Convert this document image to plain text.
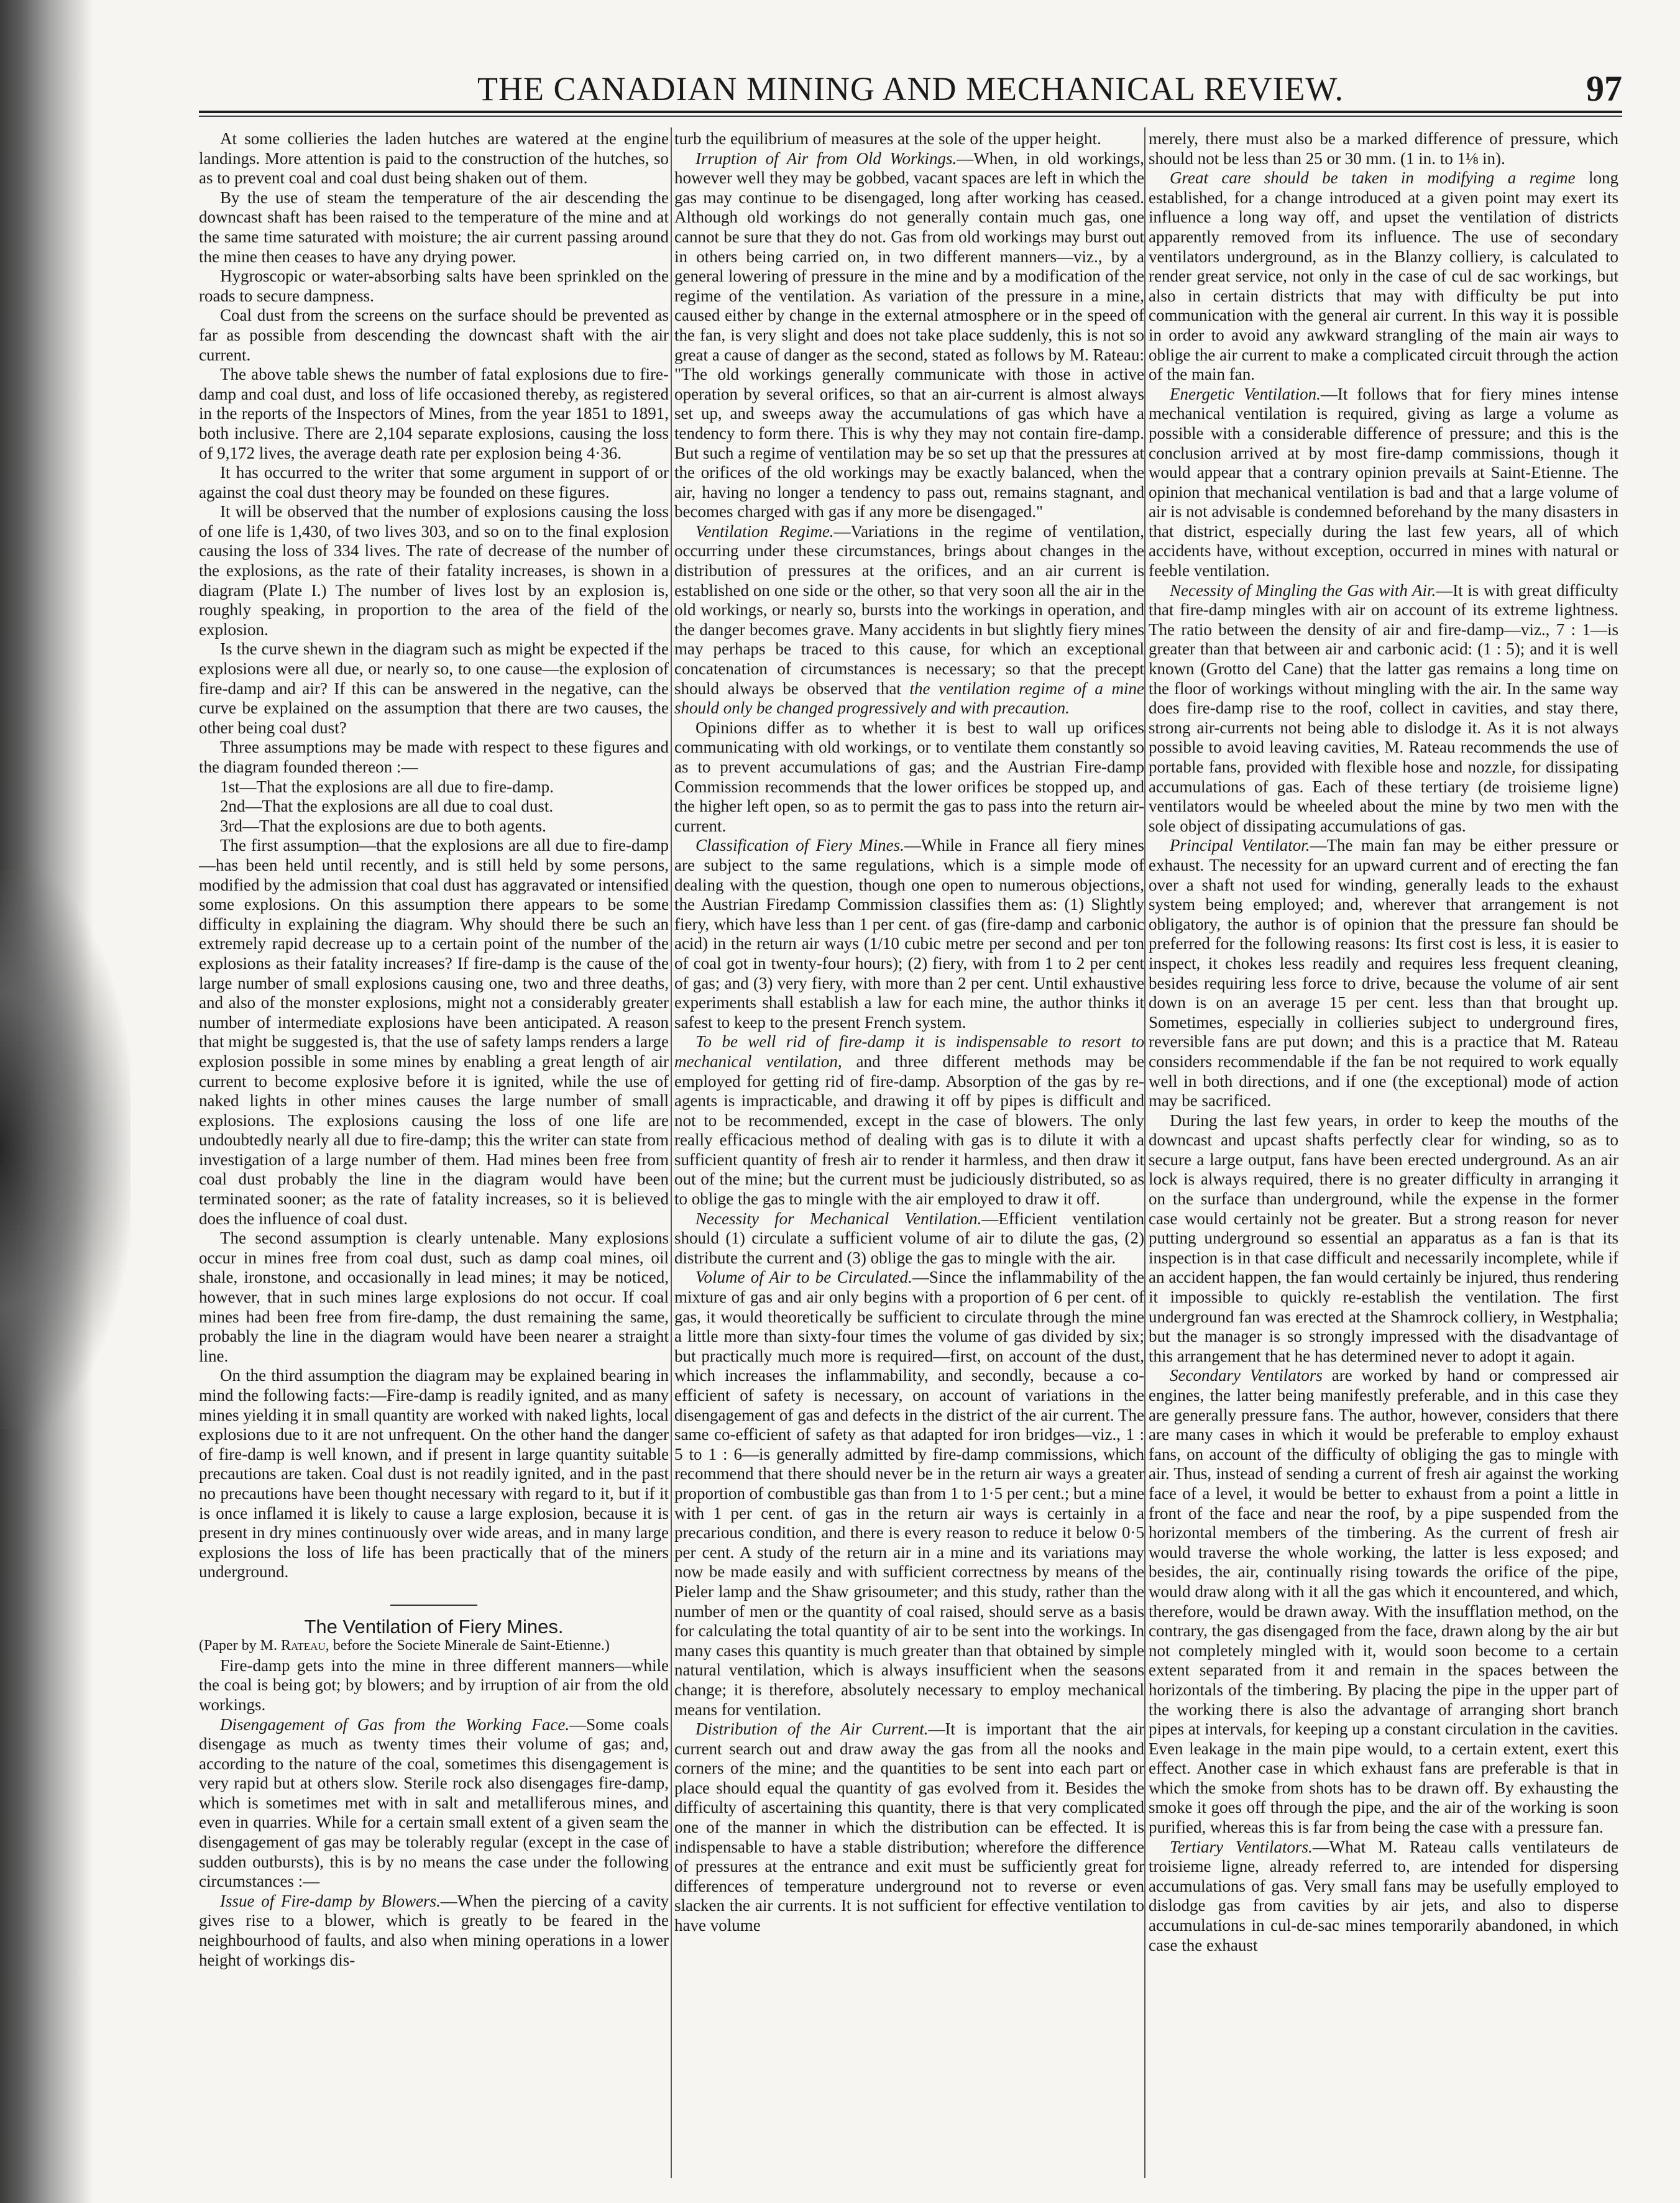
THE CANADIAN MINING AND MECHANICAL REVIEW.	97

At some collieries the laden hutches are watered at the engine landings. More attention is paid to the construction of the hutches, so as to prevent coal and coal dust being shaken out of them.

By the use of steam the temperature of the air descending the downcast shaft has been raised to the temperature of the mine and at the same time saturated with moisture; the air current passing around the mine then ceases to have any drying power.

Hygroscopic or water-absorbing salts have been sprinkled on the roads to secure dampness.

Coal dust from the screens on the surface should be prevented as far as possible from descending the downcast shaft with the air current.

The above table shews the number of fatal explosions due to fire-damp and coal dust, and loss of life occasioned thereby, as registered in the reports of the Inspectors of Mines, from the year 1851 to 1891, both inclusive. There are 2,104 separate explosions, causing the loss of 9,172 lives, the average death rate per explosion being 4·36.

It has occurred to the writer that some argument in support of or against the coal dust theory may be founded on these figures.

It will be observed that the number of explosions causing the loss of one life is 1,430, of two lives 303, and so on to the final explosion causing the loss of 334 lives. The rate of decrease of the number of the explosions, as the rate of their fatality increases, is shown in a diagram (Plate I.) The number of lives lost by an explosion is, roughly speaking, in proportion to the area of the field of the explosion.

Is the curve shewn in the diagram such as might be expected if the explosions were all due, or nearly so, to one cause—the explosion of fire-damp and air? If this can be answered in the negative, can the curve be explained on the assumption that there are two causes, the other being coal dust?

Three assumptions may be made with respect to these figures and the diagram founded thereon :—

1st—That the explosions are all due to fire-damp.

2nd—That the explosions are all due to coal dust.

3rd—That the explosions are due to both agents.

The first assumption—that the explosions are all due to fire-damp—has been held until recently, and is still held by some persons, modified by the admission that coal dust has aggravated or intensified some explosions. On this assumption there appears to be some difficulty in explaining the diagram. Why should there be such an extremely rapid decrease up to a certain point of the number of the explosions as their fatality increases? If fire-damp is the cause of the large number of small explosions causing one, two and three deaths, and also of the monster explosions, might not a considerably greater number of intermediate explosions have been anticipated. A reason that might be suggested is, that the use of safety lamps renders a large explosion possible in some mines by enabling a great length of air current to become explosive before it is ignited, while the use of naked lights in other mines causes the large number of small explosions. The explosions causing the loss of one life are undoubtedly nearly all due to fire-damp; this the writer can state from investigation of a large number of them. Had mines been free from coal dust probably the line in the diagram would have been terminated sooner; as the rate of fatality increases, so it is believed does the influence of coal dust.

The second assumption is clearly untenable. Many explosions occur in mines free from coal dust, such as damp coal mines, oil shale, ironstone, and occasionally in lead mines; it may be noticed, however, that in such mines large explosions do not occur. If coal mines had been free from fire-damp, the dust remaining the same, probably the line in the diagram would have been nearer a straight line.

On the third assumption the diagram may be explained bearing in mind the following facts:—Fire-damp is readily ignited, and as many mines yielding it in small quantity are worked with naked lights, local explosions due to it are not unfrequent. On the other hand the danger of fire-damp is well known, and if present in large quantity suitable precautions are taken. Coal dust is not readily ignited, and in the past no precautions have been thought necessary with regard to it, but if it is once inflamed it is likely to cause a large explosion, because it is present in dry mines continuously over wide areas, and in many large explosions the loss of life has been practically that of the miners underground.

The Ventilation of Fiery Mines.

(Paper by M. Rateau, before the Societe Minerale de Saint-Etienne.)

Fire-damp gets into the mine in three different manners—while the coal is being got; by blowers; and by irruption of air from the old workings.

Disengagement of Gas from the Working Face.—Some coals disengage as much as twenty times their volume of gas; and, according to the nature of the coal, sometimes this disengagement is very rapid but at others slow. Sterile rock also disengages fire-damp, which is sometimes met with in salt and metalliferous mines, and even in quarries. While for a certain small extent of a given seam the disengagement of gas may be tolerably regular (except in the case of sudden outbursts), this is by no means the case under the following circumstances :—

Issue of Fire-damp by Blowers.—When the piercing of a cavity gives rise to a blower, which is greatly to be feared in the neighbourhood of faults, and also when mining operations in a lower height of workings dis-

turb the equilibrium of measures at the sole of the upper height.

Irruption of Air from Old Workings.—When, in old workings, however well they may be gobbed, vacant spaces are left in which the gas may continue to be disengaged, long after working has ceased. Although old workings do not generally contain much gas, one cannot be sure that they do not. Gas from old workings may burst out in others being carried on, in two different manners—viz., by a general lowering of pressure in the mine and by a modification of the regime of the ventilation. As variation of the pressure in a mine, caused either by change in the external atmosphere or in the speed of the fan, is very slight and does not take place suddenly, this is not so great a cause of danger as the second, stated as follows by M. Rateau: "The old workings generally communicate with those in active operation by several orifices, so that an air-current is almost always set up, and sweeps away the accumulations of gas which have a tendency to form there. This is why they may not contain fire-damp. But such a regime of ventilation may be so set up that the pressures at the orifices of the old workings may be exactly balanced, when the air, having no longer a tendency to pass out, remains stagnant, and becomes charged with gas if any more be disengaged."

Ventilation Regime.—Variations in the regime of ventilation, occurring under these circumstances, brings about changes in the distribution of pressures at the orifices, and an air current is established on one side or the other, so that very soon all the air in the old workings, or nearly so, bursts into the workings in operation, and the danger becomes grave. Many accidents in but slightly fiery mines may perhaps be traced to this cause, for which an exceptional concatenation of circumstances is necessary; so that the precept should always be observed that the ventilation regime of a mine should only be changed progressively and with precaution.

Opinions differ as to whether it is best to wall up orifices communicating with old workings, or to ventilate them constantly so as to prevent accumulations of gas; and the Austrian Fire-damp Commission recommends that the lower orifices be stopped up, and the higher left open, so as to permit the gas to pass into the return air-current.

Classification of Fiery Mines.—While in France all fiery mines are subject to the same regulations, which is a simple mode of dealing with the question, though one open to numerous objections, the Austrian Firedamp Commission classifies them as: (1) Slightly fiery, which have less than 1 per cent. of gas (fire-damp and carbonic acid) in the return air ways (1/10 cubic metre per second and per ton of coal got in twenty-four hours); (2) fiery, with from 1 to 2 per cent of gas; and (3) very fiery, with more than 2 per cent. Until exhaustive experiments shall establish a law for each mine, the author thinks it safest to keep to the present French system.

To be well rid of fire-damp it is indispensable to resort to mechanical ventilation, and three different methods may be employed for getting rid of fire-damp. Absorption of the gas by re-agents is impracticable, and drawing it off by pipes is difficult and not to be recommended, except in the case of blowers. The only really efficacious method of dealing with gas is to dilute it with a sufficient quantity of fresh air to render it harmless, and then draw it out of the mine; but the current must be judiciously distributed, so as to oblige the gas to mingle with the air employed to draw it off.

Necessity for Mechanical Ventilation.—Efficient ventilation should (1) circulate a sufficient volume of air to dilute the gas, (2) distribute the current and (3) oblige the gas to mingle with the air.

Volume of Air to be Circulated.—Since the inflammability of the mixture of gas and air only begins with a proportion of 6 per cent. of gas, it would theoretically be sufficient to circulate through the mine a little more than sixty-four times the volume of gas divided by six; but practically much more is required—first, on account of the dust, which increases the inflammability, and secondly, because a co-efficient of safety is necessary, on account of variations in the disengagement of gas and defects in the district of the air current. The same co-efficient of safety as that adapted for iron bridges—viz., 1 : 5 to 1 : 6—is generally admitted by fire-damp commissions, which recommend that there should never be in the return air ways a greater proportion of combustible gas than from 1 to 1·5 per cent.; but a mine with 1 per cent. of gas in the return air ways is certainly in a precarious condition, and there is every reason to reduce it below 0·5 per cent. A study of the return air in a mine and its variations may now be made easily and with sufficient correctness by means of the Pieler lamp and the Shaw grisoumeter; and this study, rather than the number of men or the quantity of coal raised, should serve as a basis for calculating the total quantity of air to be sent into the workings. In many cases this quantity is much greater than that obtained by simple natural ventilation, which is always insufficient when the seasons change; it is therefore, absolutely necessary to employ mechanical means for ventilation.

Distribution of the Air Current.—It is important that the air current search out and draw away the gas from all the nooks and corners of the mine; and the quantities to be sent into each part or place should equal the quantity of gas evolved from it. Besides the difficulty of ascertaining this quantity, there is that very complicated one of the manner in which the distribution can be effected. It is indispensable to have a stable distribution; wherefore the difference of pressures at the entrance and exit must be sufficiently great for differences of temperature underground not to reverse or even slacken the air currents. It is not sufficient for effective ventilation to have volume

merely, there must also be a marked difference of pressure, which should not be less than 25 or 30 mm. (1 in. to 1⅛ in).

Great care should be taken in modifying a regime long established, for a change introduced at a given point may exert its influence a long way off, and upset the ventilation of districts apparently removed from its influence. The use of secondary ventilators underground, as in the Blanzy colliery, is calculated to render great service, not only in the case of cul de sac workings, but also in certain districts that may with difficulty be put into communication with the general air current. In this way it is possible in order to avoid any awkward strangling of the main air ways to oblige the air current to make a complicated circuit through the action of the main fan.

Energetic Ventilation.—It follows that for fiery mines intense mechanical ventilation is required, giving as large a volume as possible with a considerable difference of pressure; and this is the conclusion arrived at by most fire-damp commissions, though it would appear that a contrary opinion prevails at Saint-Etienne. The opinion that mechanical ventilation is bad and that a large volume of air is not advisable is condemned beforehand by the many disasters in that district, especially during the last few years, all of which accidents have, without exception, occurred in mines with natural or feeble ventilation.

Necessity of Mingling the Gas with Air.—It is with great difficulty that fire-damp mingles with air on account of its extreme lightness. The ratio between the density of air and fire-damp—viz., 7 : 1—is greater than that between air and carbonic acid: (1 : 5); and it is well known (Grotto del Cane) that the latter gas remains a long time on the floor of workings without mingling with the air. In the same way does fire-damp rise to the roof, collect in cavities, and stay there, strong air-currents not being able to dislodge it. As it is not always possible to avoid leaving cavities, M. Rateau recommends the use of portable fans, provided with flexible hose and nozzle, for dissipating accumulations of gas. Each of these tertiary (de troisieme ligne) ventilators would be wheeled about the mine by two men with the sole object of dissipating accumulations of gas.

Principal Ventilator.—The main fan may be either pressure or exhaust. The necessity for an upward current and of erecting the fan over a shaft not used for winding, generally leads to the exhaust system being employed; and, wherever that arrangement is not obligatory, the author is of opinion that the pressure fan should be preferred for the following reasons: Its first cost is less, it is easier to inspect, it chokes less readily and requires less frequent cleaning, besides requiring less force to drive, because the volume of air sent down is on an average 15 per cent. less than that brought up. Sometimes, especially in collieries subject to underground fires, reversible fans are put down; and this is a practice that M. Rateau considers recommendable if the fan be not required to work equally well in both directions, and if one (the exceptional) mode of action may be sacrificed.

During the last few years, in order to keep the mouths of the downcast and upcast shafts perfectly clear for winding, so as to secure a large output, fans have been erected underground. As an air lock is always required, there is no greater difficulty in arranging it on the surface than underground, while the expense in the former case would certainly not be greater. But a strong reason for never putting underground so essential an apparatus as a fan is that its inspection is in that case difficult and necessarily incomplete, while if an accident happen, the fan would certainly be injured, thus rendering it impossible to quickly re-establish the ventilation. The first underground fan was erected at the Shamrock colliery, in Westphalia; but the manager is so strongly impressed with the disadvantage of this arrangement that he has determined never to adopt it again.

Secondary Ventilators are worked by hand or compressed air engines, the latter being manifestly preferable, and in this case they are generally pressure fans. The author, however, considers that there are many cases in which it would be preferable to employ exhaust fans, on account of the difficulty of obliging the gas to mingle with air. Thus, instead of sending a current of fresh air against the working face of a level, it would be better to exhaust from a point a little in front of the face and near the roof, by a pipe suspended from the horizontal members of the timbering. As the current of fresh air would traverse the whole working, the latter is less exposed; and besides, the air, continually rising towards the orifice of the pipe, would draw along with it all the gas which it encountered, and which, therefore, would be drawn away. With the insufflation method, on the contrary, the gas disengaged from the face, drawn along by the air but not completely mingled with it, would soon become to a certain extent separated from it and remain in the spaces between the horizontals of the timbering. By placing the pipe in the upper part of the working there is also the advantage of arranging short branch pipes at intervals, for keeping up a constant circulation in the cavities. Even leakage in the main pipe would, to a certain extent, exert this effect. Another case in which exhaust fans are preferable is that in which the smoke from shots has to be drawn off. By exhausting the smoke it goes off through the pipe, and the air of the working is soon purified, whereas this is far from being the case with a pressure fan.

Tertiary Ventilators.—What M. Rateau calls ventilateurs de troisieme ligne, already referred to, are intended for dispersing accumulations of gas. Very small fans may be usefully employed to dislodge gas from cavities by air jets, and also to disperse accumulations in cul-de-sac mines temporarily abandoned, in which case the exhaust
